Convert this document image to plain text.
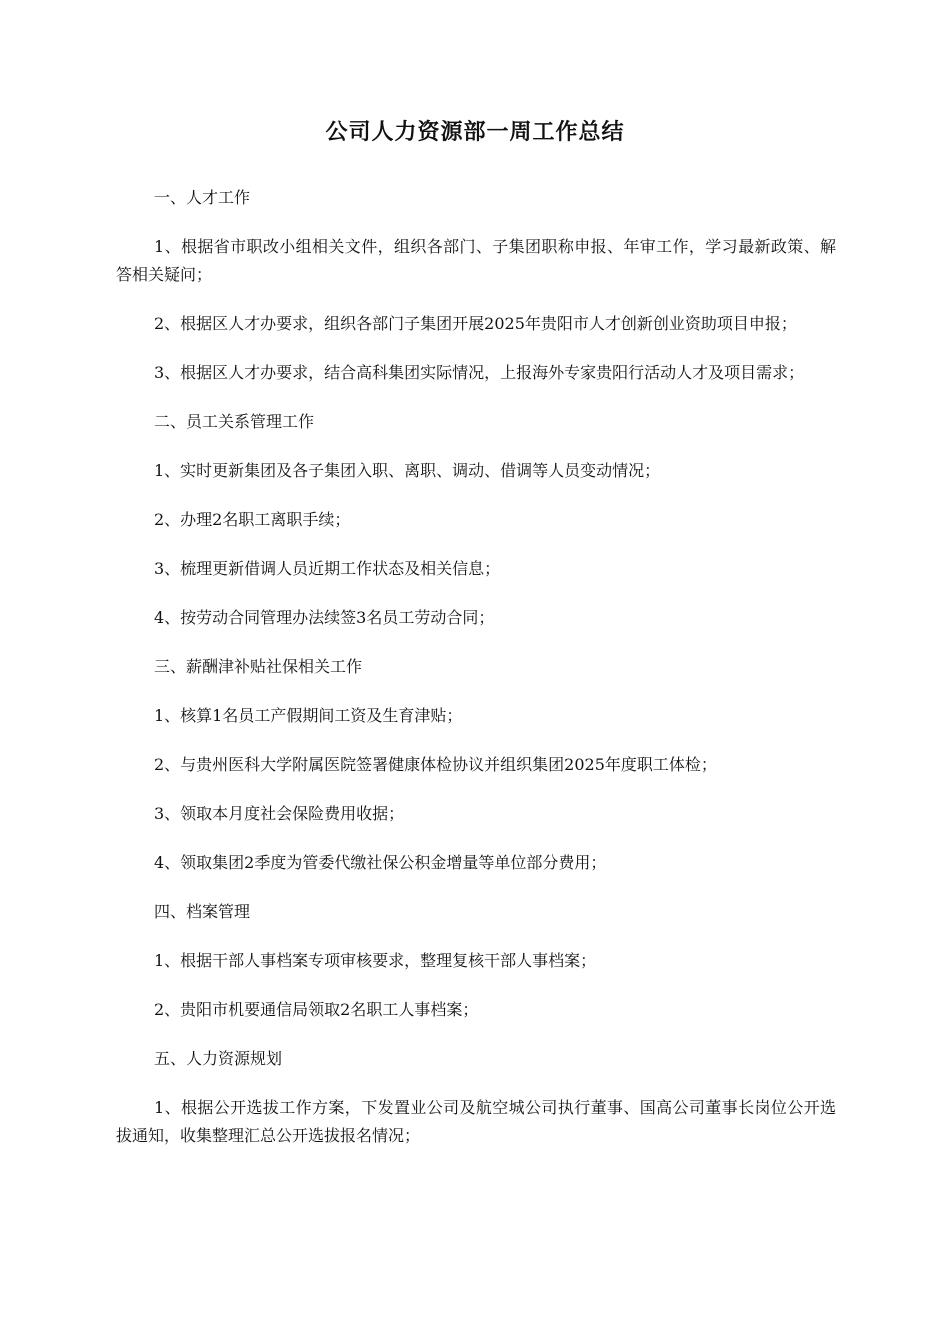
公司人力资源部一周工作总结

一、人才工作

1、根据省市职改小组相关文件，组织各部门、子集团职称申报、年审工作，学习最新政策、解答相关疑问；

2、根据区人才办要求，组织各部门子集团开展2025年贵阳市人才创新创业资助项目申报；

3、根据区人才办要求，结合高科集团实际情况，上报海外专家贵阳行活动人才及项目需求；

二、员工关系管理工作

1、实时更新集团及各子集团入职、离职、调动、借调等人员变动情况；

2、办理2名职工离职手续；

3、梳理更新借调人员近期工作状态及相关信息；

4、按劳动合同管理办法续签3名员工劳动合同；

三、薪酬津补贴社保相关工作

1、核算1名员工产假期间工资及生育津贴；

2、与贵州医科大学附属医院签署健康体检协议并组织集团2025年度职工体检；

3、领取本月度社会保险费用收据；

4、领取集团2季度为管委代缴社保公积金增量等单位部分费用；

四、档案管理

1、根据干部人事档案专项审核要求，整理复核干部人事档案；

2、贵阳市机要通信局领取2名职工人事档案；

五、人力资源规划

1、根据公开选拔工作方案，下发置业公司及航空城公司执行董事、国高公司董事长岗位公开选拔通知，收集整理汇总公开选拔报名情况；
